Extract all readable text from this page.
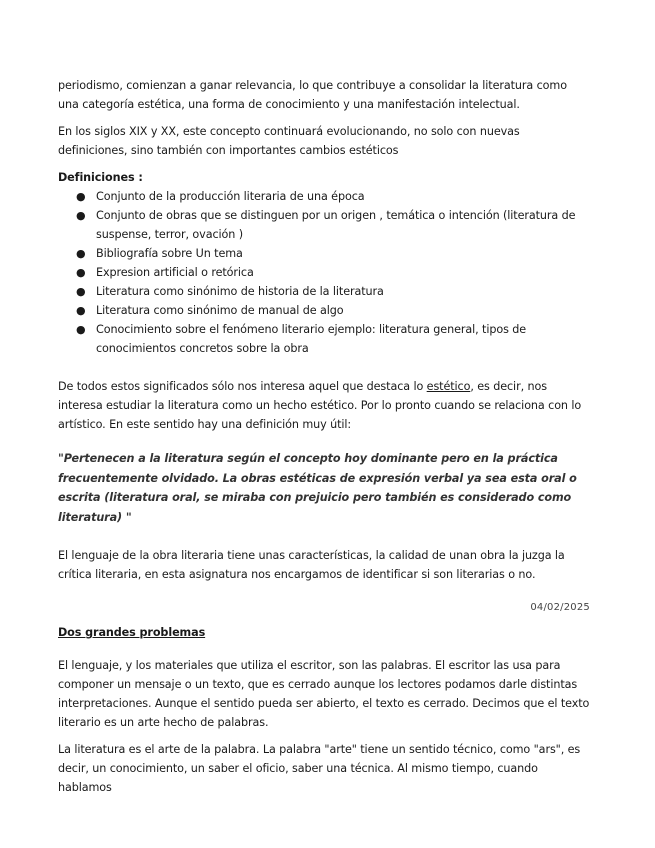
periodismo, comienzan a ganar relevancia, lo que contribuye a consolidar la literatura como una categoría estética, una forma de conocimiento y una manifestación intelectual.

En los siglos XIX y XX, este concepto continuará evolucionando, no solo con nuevas definiciones, sino también con importantes cambios estéticos

Definiciones :

● Conjunto de la producción literaria de una época
● Conjunto de obras que se distinguen por un origen , temática o intención (literatura de suspense, terror, ovación )
● Bibliografía sobre Un tema
● Expresion artificial o retórica
● Literatura como sinónimo de historia de la literatura
● Literatura como sinónimo de manual de algo
● Conocimiento sobre el fenómeno literario ejemplo: literatura general, tipos de conocimientos concretos sobre la obra

De todos estos significados sólo nos interesa aquel que destaca lo estético, es decir, nos interesa estudiar la literatura como un hecho estético. Por lo pronto cuando se relaciona con lo artístico. En este sentido hay una definición muy útil:

"Pertenecen a la literatura según el concepto hoy dominante pero en la práctica frecuentemente olvidado. La obras estéticas de expresión verbal ya sea esta oral o escrita (literatura oral, se miraba con prejuicio pero también es considerado como literatura) "

El lenguaje de la obra literaria tiene unas características, la calidad de unan obra la juzga la crítica literaria, en esta asignatura nos encargamos de identificar si son literarias o no.

04/02/2025

Dos grandes problemas

El lenguaje, y los materiales que utiliza el escritor, son las palabras. El escritor las usa para componer un mensaje o un texto, que es cerrado aunque los lectores podamos darle distintas interpretaciones. Aunque el sentido pueda ser abierto, el texto es cerrado. Decimos que el texto literario es un arte hecho de palabras.

La literatura es el arte de la palabra. La palabra "arte" tiene un sentido técnico, como "ars", es decir, un conocimiento, un saber el oficio, saber una técnica. Al mismo tiempo, cuando hablamos
